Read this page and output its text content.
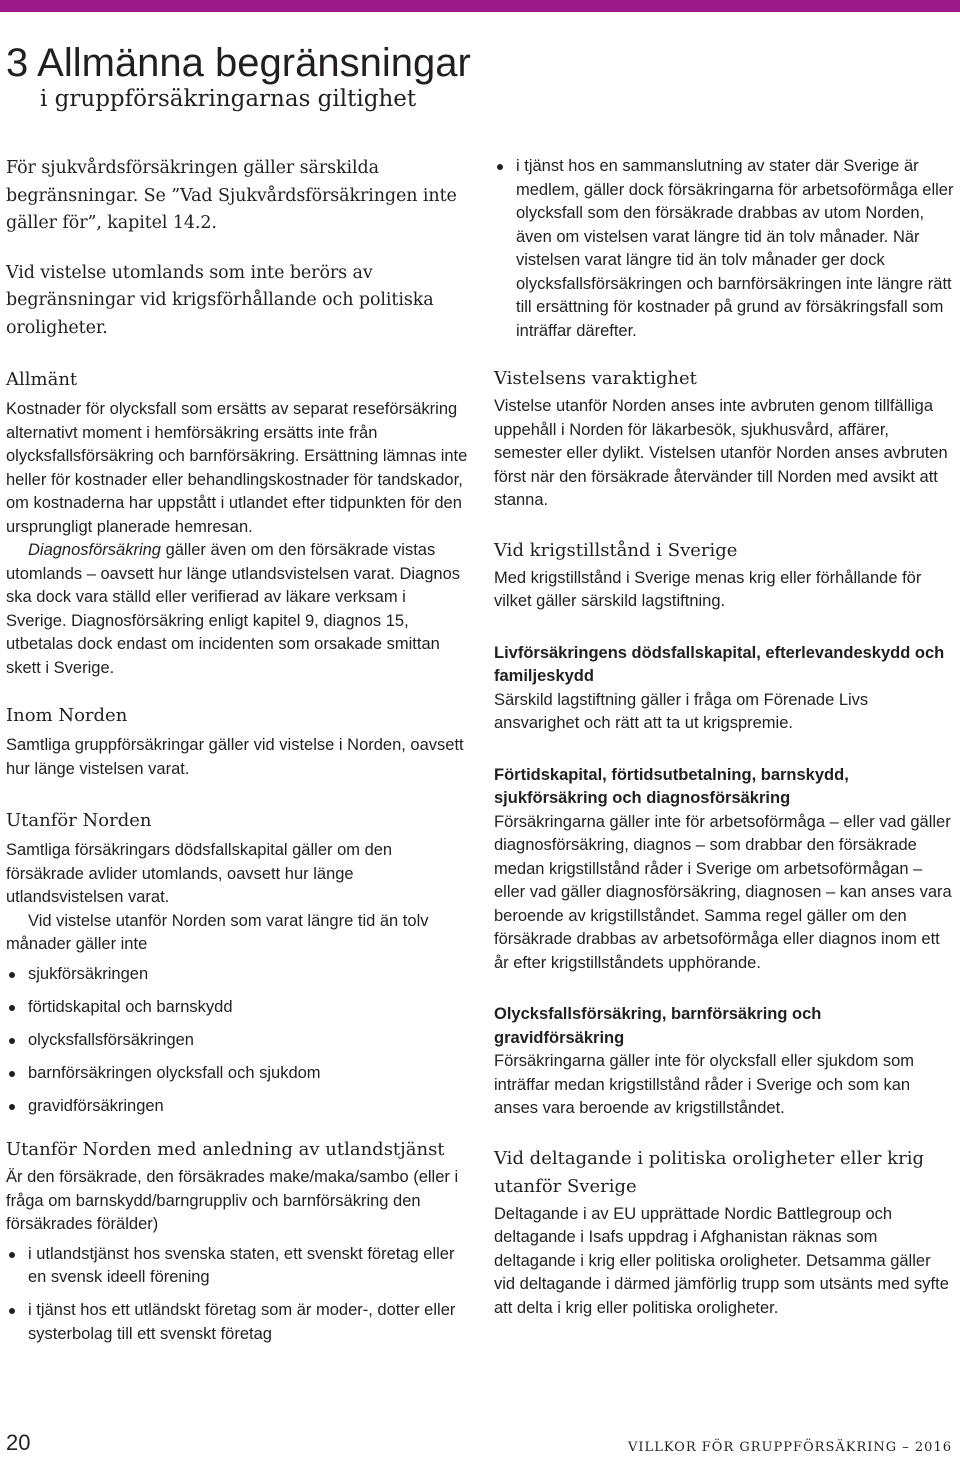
3 Allmänna begränsningar
i gruppförsäkringarnas giltighet

För sjukvårdsförsäkringen gäller särskilda begränsningar. Se ”Vad Sjukvårdsförsäkringen inte gäller för”, kapitel 14.2.

Vid vistelse utomlands som inte berörs av begränsningar vid krigsförhållande och politiska oroligheter.

Allmänt

Kostnader för olycksfall som ersätts av separat reseförsäkring alternativt moment i hemförsäkring ersätts inte från olycksfallsförsäkring och barnförsäkring. Ersättning lämnas inte heller för kostnader eller behandlingskostnader för tandskador, om kostnaderna har uppstått i utlandet efter tidpunkten för den ursprungligt planerade hemresan.

Diagnosförsäkring gäller även om den försäkrade vistas utomlands – oavsett hur länge utlandsvistelsen varat. Diagnos ska dock vara ställd eller verifierad av läkare verksam i Sverige. Diagnosförsäkring enligt kapitel 9, diagnos 15, utbetalas dock endast om incidenten som orsakade smittan skett i Sverige.

Inom Norden

Samtliga gruppförsäkringar gäller vid vistelse i Norden, oavsett hur länge vistelsen varat.

Utanför Norden

Samtliga försäkringars dödsfallskapital gäller om den försäkrade avlider utomlands, oavsett hur länge utlandsvistelsen varat.

Vid vistelse utanför Norden som varat längre tid än tolv månader gäller inte

sjukförsäkringen
förtidskapital och barnskydd
olycksfallsförsäkringen
barnförsäkringen olycksfall och sjukdom
gravidförsäkringen
Utanför Norden med anledning av utlandstjänst

Är den försäkrade, den försäkrades make/maka/sambo (eller i fråga om barnskydd/barngruppliv och barnförsäkring den försäkrades förälder)

i utlandstjänst hos svenska staten, ett svenskt företag eller en svensk ideell förening
i tjänst hos ett utländskt företag som är moder-, dotter eller systerbolag till ett svenskt företag
i tjänst hos en sammanslutning av stater där Sverige är medlem, gäller dock försäkringarna för arbetsoförmåga eller olycksfall som den försäkrade drabbas av utom Norden, även om vistelsen varat längre tid än tolv månader. När vistelsen varat längre tid än tolv månader ger dock olycksfallsförsäkringen och barnförsäkringen inte längre rätt till ersättning för kostnader på grund av försäkringsfall som inträffar därefter.
Vistelsens varaktighet

Vistelse utanför Norden anses inte avbruten genom tillfälliga uppehåll i Norden för läkarbesök, sjukhusvård, affärer, semester eller dylikt. Vistelsen utanför Norden anses avbruten först när den försäkrade återvänder till Norden med avsikt att stanna.

Vid krigstillstånd i Sverige

Med krigstillstånd i Sverige menas krig eller förhållande för vilket gäller särskild lagstiftning.

Livförsäkringens dödsfallskapital, efterlevandeskydd och familjeskydd

Särskild lagstiftning gäller i fråga om Förenade Livs ansvarighet och rätt att ta ut krigspremie.

Förtidskapital, förtidsutbetalning, barnskydd, sjukförsäkring och diagnosförsäkring

Försäkringarna gäller inte för arbetsoförmåga – eller vad gäller diagnosförsäkring, diagnos – som drabbar den försäkrade medan krigstillstånd råder i Sverige om arbetsoförmågan – eller vad gäller diagnosförsäkring, diagnosen – kan anses vara beroende av krigstillståndet. Samma regel gäller om den försäkrade drabbas av arbetsoförmåga eller diagnos inom ett år efter krigstillståndets upphörande.

Olycksfallsförsäkring, barnförsäkring och gravidförsäkring

Försäkringarna gäller inte för olycksfall eller sjukdom som inträffar medan krigstillstånd råder i Sverige och som kan anses vara beroende av krigstillståndet.

Vid deltagande i politiska oroligheter eller krig utanför Sverige

Deltagande i av EU upprättade Nordic Battlegroup och deltagande i Isafs uppdrag i Afghanistan räknas som deltagande i krig eller politiska oroligheter. Detsamma gäller vid deltagande i därmed jämförlig trupp som utsänts med syfte att delta i krig eller politiska oroligheter.

20	VILLKOR FÖR GRUPPFÖRSÄKRING – 2016
